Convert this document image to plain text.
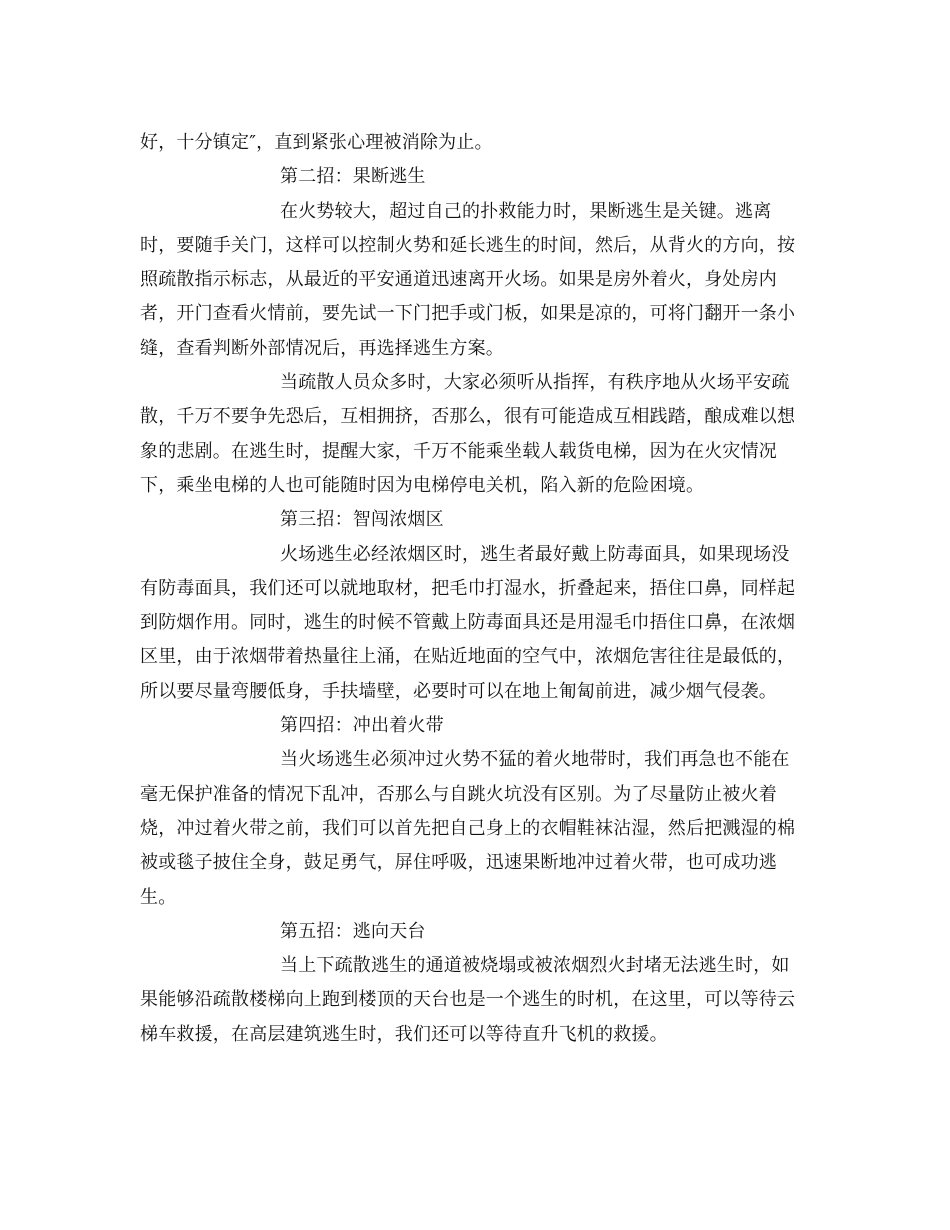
好，十分镇定″，直到紧张心理被消除为止。
第二招：果断逃生
在火势较大，超过自己的扑救能力时，果断逃生是关键。逃离
时，要随手关门，这样可以控制火势和延长逃生的时间，然后，从背火的方向，按
照疏散指示标志，从最近的平安通道迅速离开火场。如果是房外着火，身处房内
者，开门查看火情前，要先试一下门把手或门板，如果是凉的，可将门翻开一条小
缝，查看判断外部情况后，再选择逃生方案。
当疏散人员众多时，大家必须听从指挥，有秩序地从火场平安疏
散，千万不要争先恐后，互相拥挤，否那么，很有可能造成互相践踏，酿成难以想
象的悲剧。在逃生时，提醒大家，千万不能乘坐载人载货电梯，因为在火灾情况
下，乘坐电梯的人也可能随时因为电梯停电关机，陷入新的危险困境。
第三招：智闯浓烟区
火场逃生必经浓烟区时，逃生者最好戴上防毒面具，如果现场没
有防毒面具，我们还可以就地取材，把毛巾打湿水，折叠起来，捂住口鼻，同样起
到防烟作用。同时，逃生的时候不管戴上防毒面具还是用湿毛巾捂住口鼻，在浓烟
区里，由于浓烟带着热量往上涌，在贴近地面的空气中，浓烟危害往往是最低的，
所以要尽量弯腰低身，手扶墙壁，必要时可以在地上匍匐前进，减少烟气侵袭。
第四招：冲出着火带
当火场逃生必须冲过火势不猛的着火地带时，我们再急也不能在
毫无保护准备的情况下乱冲，否那么与自跳火坑没有区别。为了尽量防止被火着
烧，冲过着火带之前，我们可以首先把自己身上的衣帽鞋袜沾湿，然后把溅湿的棉
被或毯子披住全身，鼓足勇气，屏住呼吸，迅速果断地冲过着火带，也可成功逃
生。
第五招：逃向天台
当上下疏散逃生的通道被烧塌或被浓烟烈火封堵无法逃生时，如
果能够沿疏散楼梯向上跑到楼顶的天台也是一个逃生的时机，在这里，可以等待云
梯车救援，在高层建筑逃生时，我们还可以等待直升飞机的救援。
